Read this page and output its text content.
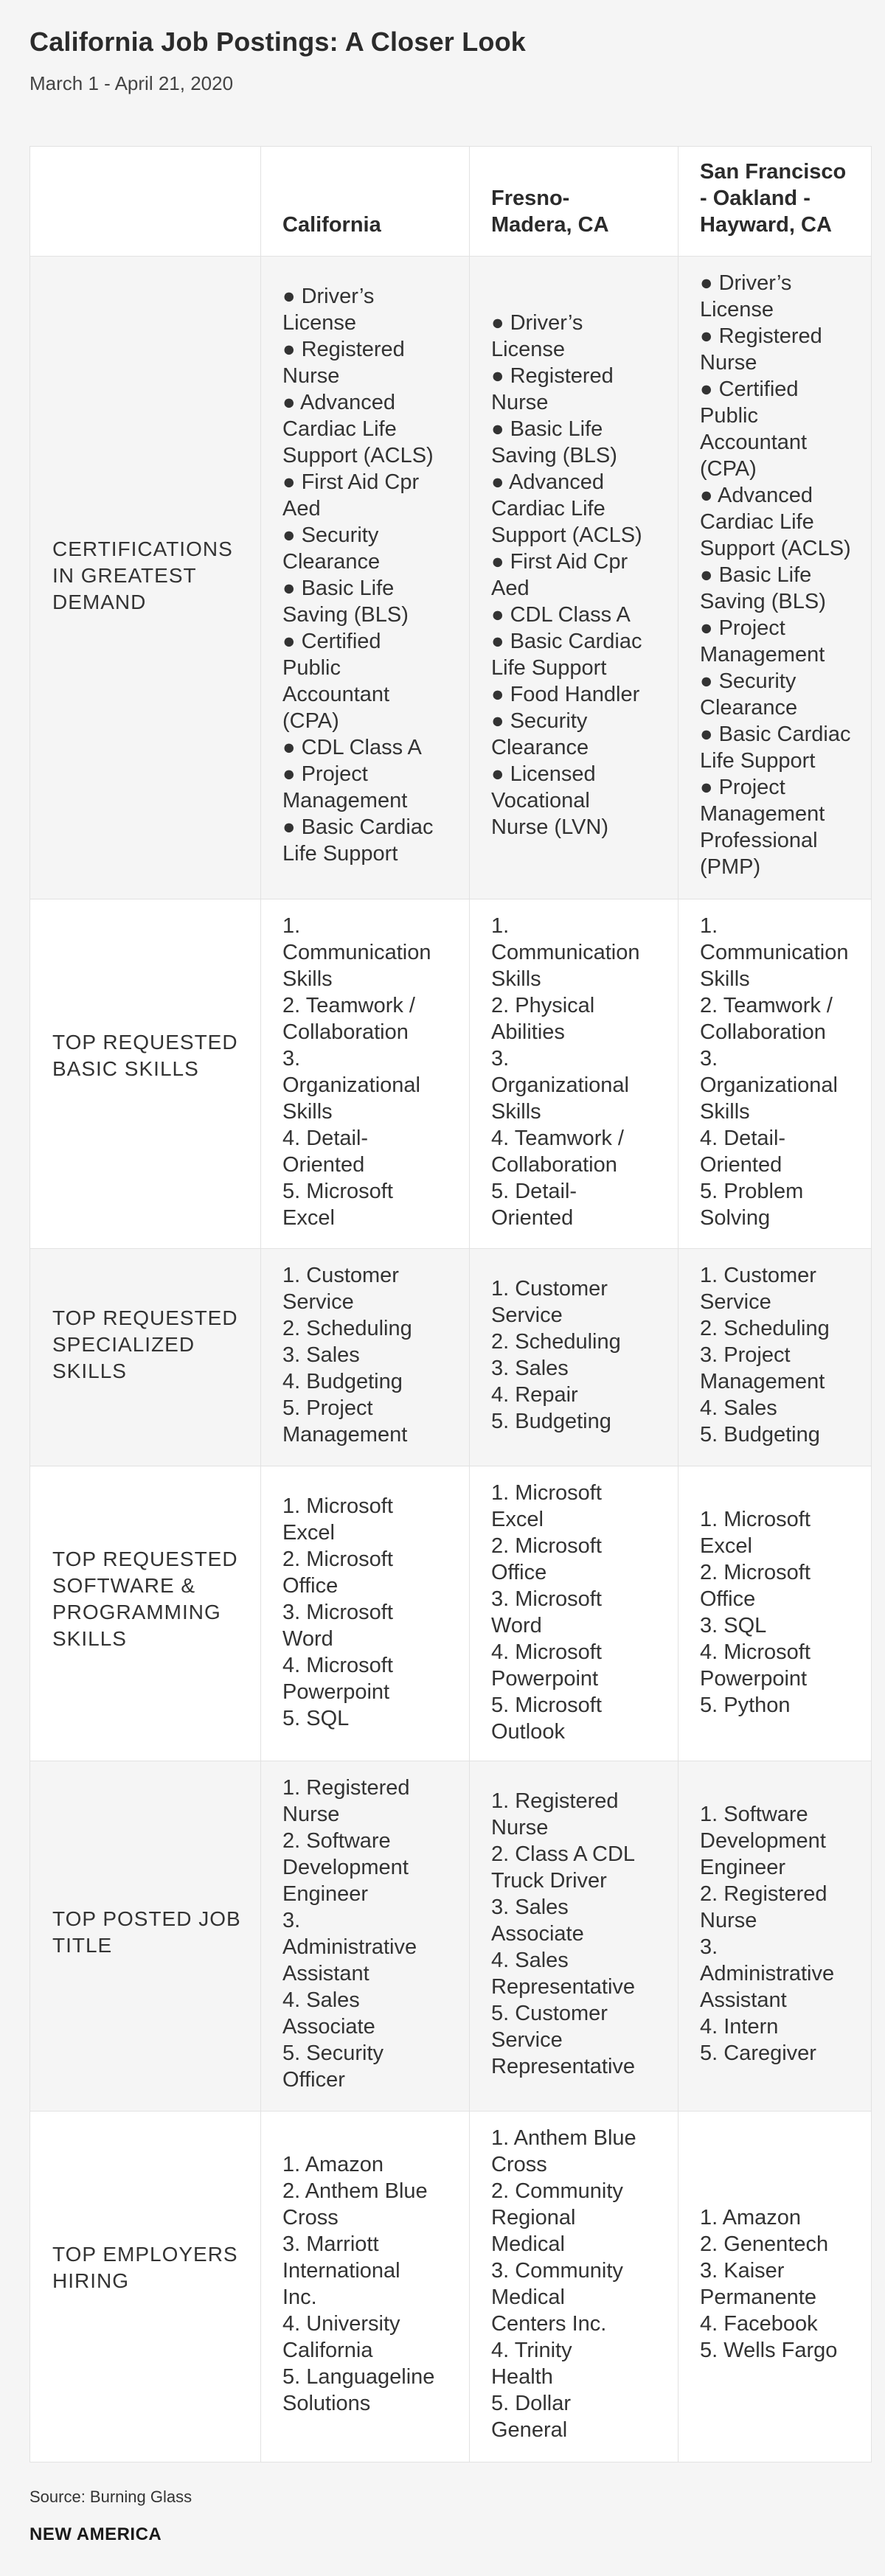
California Job Postings: A Closer Look
March 1 - April 21, 2020
California
Fresno-
Madera, CA
San Francisco
- Oakland -
Hayward, CA
CERTIFICATIONS IN GREATEST DEMAND
● Driver’s
License
● Registered
Nurse
● Advanced
Cardiac Life
Support (ACLS)
● First Aid Cpr
Aed
● Security
Clearance
● Basic Life
Saving (BLS)
● Certified
Public
Accountant
(CPA)
● CDL Class A
● Project
Management
● Basic Cardiac
Life Support
● Driver’s
License
● Registered
Nurse
● Basic Life
Saving (BLS)
● Advanced
Cardiac Life
Support (ACLS)
● First Aid Cpr
Aed
● CDL Class A
● Basic Cardiac
Life Support
● Food Handler
● Security
Clearance
● Licensed
Vocational
Nurse (LVN)
● Driver’s
License
● Registered
Nurse
● Certified
Public
Accountant
(CPA)
● Advanced
Cardiac Life
Support (ACLS)
● Basic Life
Saving (BLS)
● Project
Management
● Security
Clearance
● Basic Cardiac
Life Support
● Project
Management
Professional
(PMP)
TOP REQUESTED BASIC SKILLS
1.
Communication
Skills
2. Teamwork /
Collaboration
3.
Organizational
Skills
4. Detail-
Oriented
5. Microsoft
Excel
1.
Communication
Skills
2. Physical
Abilities
3.
Organizational
Skills
4. Teamwork /
Collaboration
5. Detail-
Oriented
1.
Communication
Skills
2. Teamwork /
Collaboration
3.
Organizational
Skills
4. Detail-
Oriented
5. Problem
Solving
TOP REQUESTED SPECIALIZED SKILLS
1. Customer
Service
2. Scheduling
3. Sales
4. Budgeting
5. Project
Management
1. Customer
Service
2. Scheduling
3. Sales
4. Repair
5. Budgeting
1. Customer
Service
2. Scheduling
3. Project
Management
4. Sales
5. Budgeting
TOP REQUESTED SOFTWARE & PROGRAMMING SKILLS
1. Microsoft
Excel
2. Microsoft
Office
3. Microsoft
Word
4. Microsoft
Powerpoint
5. SQL
1. Microsoft
Excel
2. Microsoft
Office
3. Microsoft
Word
4. Microsoft
Powerpoint
5. Microsoft
Outlook
1. Microsoft
Excel
2. Microsoft
Office
3. SQL
4. Microsoft
Powerpoint
5. Python
TOP POSTED JOB TITLE
1. Registered
Nurse
2. Software
Development
Engineer
3.
Administrative
Assistant
4. Sales
Associate
5. Security
Officer
1. Registered
Nurse
2. Class A CDL
Truck Driver
3. Sales
Associate
4. Sales
Representative
5. Customer
Service
Representative
1. Software
Development
Engineer
2. Registered
Nurse
3.
Administrative
Assistant
4. Intern
5. Caregiver
TOP EMPLOYERS HIRING
1. Amazon
2. Anthem Blue
Cross
3. Marriott
International
Inc.
4. University
California
5. Languageline
Solutions
1. Anthem Blue
Cross
2. Community
Regional
Medical
3. Community
Medical
Centers Inc.
4. Trinity
Health
5. Dollar
General
1. Amazon
2. Genentech
3. Kaiser
Permanente
4. Facebook
5. Wells Fargo
Source: Burning Glass
NEW AMERICA
